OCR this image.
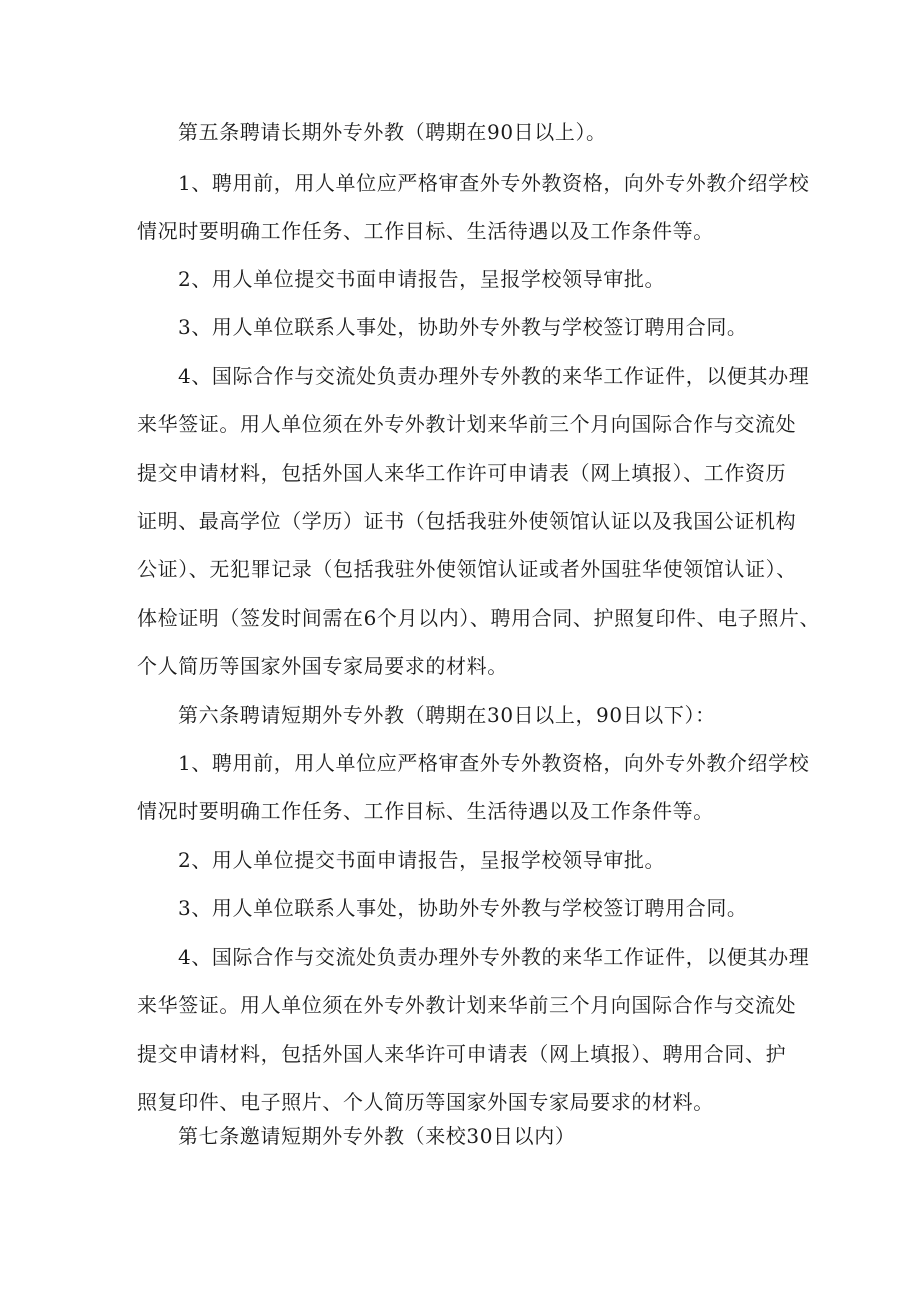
第五条聘请长期外专外教（聘期在90日以上）。
1、聘用前，用人单位应严格审查外专外教资格，向外专外教介绍学校
情况时要明确工作任务、工作目标、生活待遇以及工作条件等。
2、用人单位提交书面申请报告，呈报学校领导审批。
3、用人单位联系人事处，协助外专外教与学校签订聘用合同。
4、国际合作与交流处负责办理外专外教的来华工作证件，以便其办理
来华签证。用人单位须在外专外教计划来华前三个月向国际合作与交流处
提交申请材料，包括外国人来华工作许可申请表（网上填报）、工作资历
证明、最高学位（学历）证书（包括我驻外使领馆认证以及我国公证机构
公证）、无犯罪记录（包括我驻外使领馆认证或者外国驻华使领馆认证）、
体检证明（签发时间需在6个月以内）、聘用合同、护照复印件、电子照片、
个人简历等国家外国专家局要求的材料。
第六条聘请短期外专外教（聘期在30日以上，90日以下）：
1、聘用前，用人单位应严格审查外专外教资格，向外专外教介绍学校
情况时要明确工作任务、工作目标、生活待遇以及工作条件等。
2、用人单位提交书面申请报告，呈报学校领导审批。
3、用人单位联系人事处，协助外专外教与学校签订聘用合同。
4、国际合作与交流处负责办理外专外教的来华工作证件，以便其办理
来华签证。用人单位须在外专外教计划来华前三个月向国际合作与交流处
提交申请材料，包括外国人来华许可申请表（网上填报）、聘用合同、护
照复印件、电子照片、个人简历等国家外国专家局要求的材料。
第七条邀请短期外专外教（来校30日以内）
